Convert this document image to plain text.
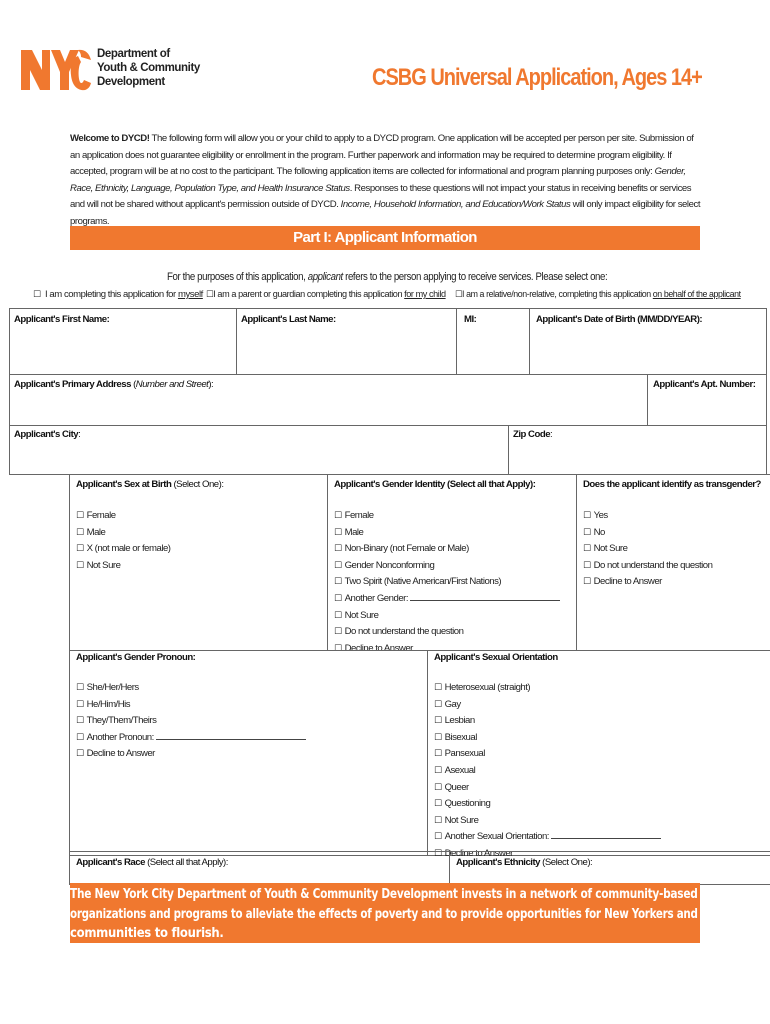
Department of
Youth & Community
Development	CSBG Universal Application, Ages 14+
Welcome to DYCD! The following form will allow you or your child to apply to a DYCD program. One application will be accepted per person per site. Submission of an application does not guarantee eligibility or enrollment in the program. Further paperwork and information may be required to determine program eligibility. If accepted, program will be at no cost to the participant. The following application items are collected for informational and program planning purposes only: Gender, Race, Ethnicity, Language, Population Type, and Health Insurance Status. Responses to these questions will not impact your status in receiving benefits or services and will not be shared without applicant's permission outside of DYCD. Income, Household Information, and Education/Work Status will only impact eligibility for select programs.
Part I: Applicant Information
For the purposes of this application, applicant refers to the person applying to receive services. Please select one:
☐ I am completing this application for myself ☐I am a parent or guardian completing this application for my child ☐I am a relative/non-relative, completing this application on behalf of the applicant
Applicant's First Name:	Applicant's Last Name:	MI:	Applicant's Date of Birth (MM/DD/YEAR):
Applicant's Primary Address (Number and Street):	Applicant's Apt. Number:
Applicant's City:	Zip Code:
Applicant's Sex at Birth (Select One):	Applicant's Gender Identity (Select all that Apply):	Does the applicant identify as transgender?
☐ Female
☐ Male
☐ X (not male or female)
☐ Not Sure
☐ Female
☐ Male
☐ Non-Binary (not Female or Male)
☐ Gender Nonconforming
☐ Two Spirit (Native American/First Nations)
☐ Another Gender:
☐ Not Sure
☐ Do not understand the question
☐ Decline to Answer
☐ Yes
☐ No
☐ Not Sure
☐ Do not understand the question
☐ Decline to Answer
Applicant's Gender Pronoun:	Applicant's Sexual Orientation
☐ She/Her/Hers
☐ He/Him/His
☐ They/Them/Theirs
☐ Another Pronoun:
☐ Decline to Answer
☐ Heterosexual (straight)
☐ Gay
☐ Lesbian
☐ Bisexual
☐ Pansexual
☐ Asexual
☐ Queer
☐ Questioning
☐ Not Sure
☐ Another Sexual Orientation:
☐ Decline to Answer
Applicant's Race (Select all that Apply):	Applicant's Ethnicity (Select One):
The New York City Department of Youth & Community Development invests in a network of community-based
organizations and programs to alleviate the effects of poverty and to provide opportunities for New Yorkers and
communities to flourish.
